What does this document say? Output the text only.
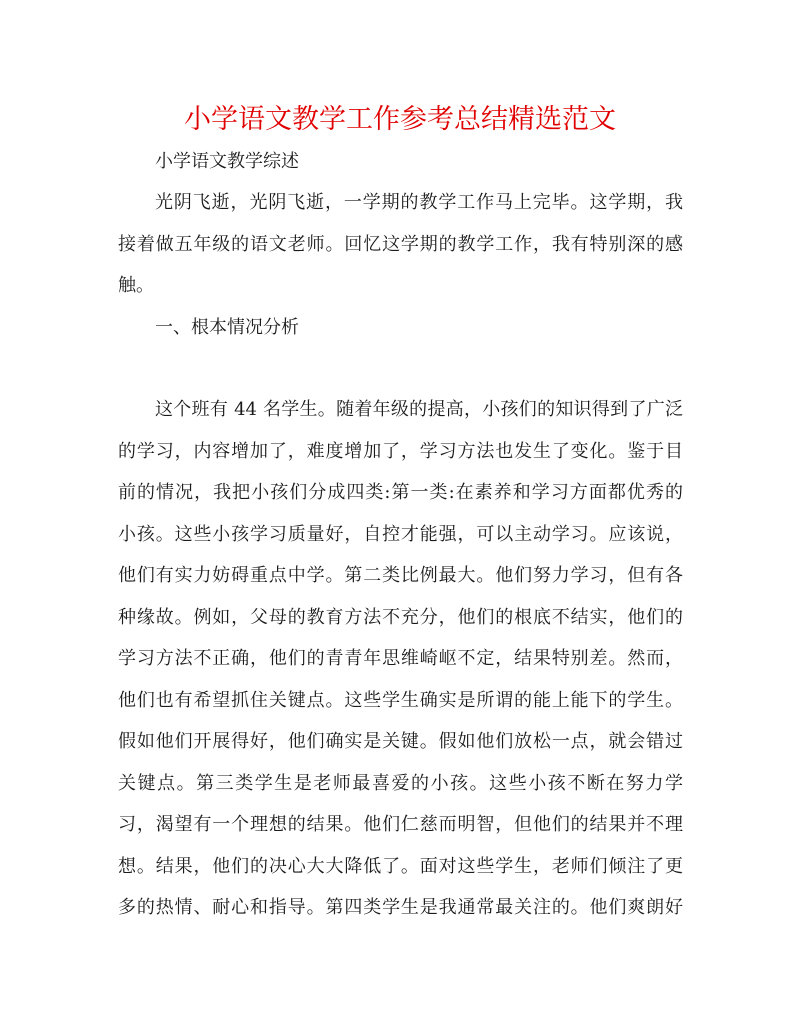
小学语文教学工作参考总结精选范文
小学语文教学综述
光阴飞逝，光阴飞逝，一学期的教学工作马上完毕。这学期，我
接着做五年级的语文老师。回忆这学期的教学工作，我有特别深的感
触。
一、根本情况分析
这个班有 44 名学生。随着年级的提高，小孩们的知识得到了广泛
的学习，内容增加了，难度增加了，学习方法也发生了变化。鉴于目
前的情况，我把小孩们分成四类:第一类:在素养和学习方面都优秀的
小孩。这些小孩学习质量好，自控才能强，可以主动学习。应该说，
他们有实力妨碍重点中学。第二类比例最大。他们努力学习，但有各
种缘故。例如，父母的教育方法不充分，他们的根底不结实，他们的
学习方法不正确，他们的青青年思维崎岖不定，结果特别差。然而，
他们也有希望抓住关键点。这些学生确实是所谓的能上能下的学生。
假如他们开展得好，他们确实是关键。假如他们放松一点，就会错过
关键点。第三类学生是老师最喜爱的小孩。这些小孩不断在努力学
习，渴望有一个理想的结果。他们仁慈而明智，但他们的结果并不理
想。结果，他们的决心大大降低了。面对这些学生，老师们倾注了更
多的热情、耐心和指导。第四类学生是我通常最关注的。他们爽朗好
